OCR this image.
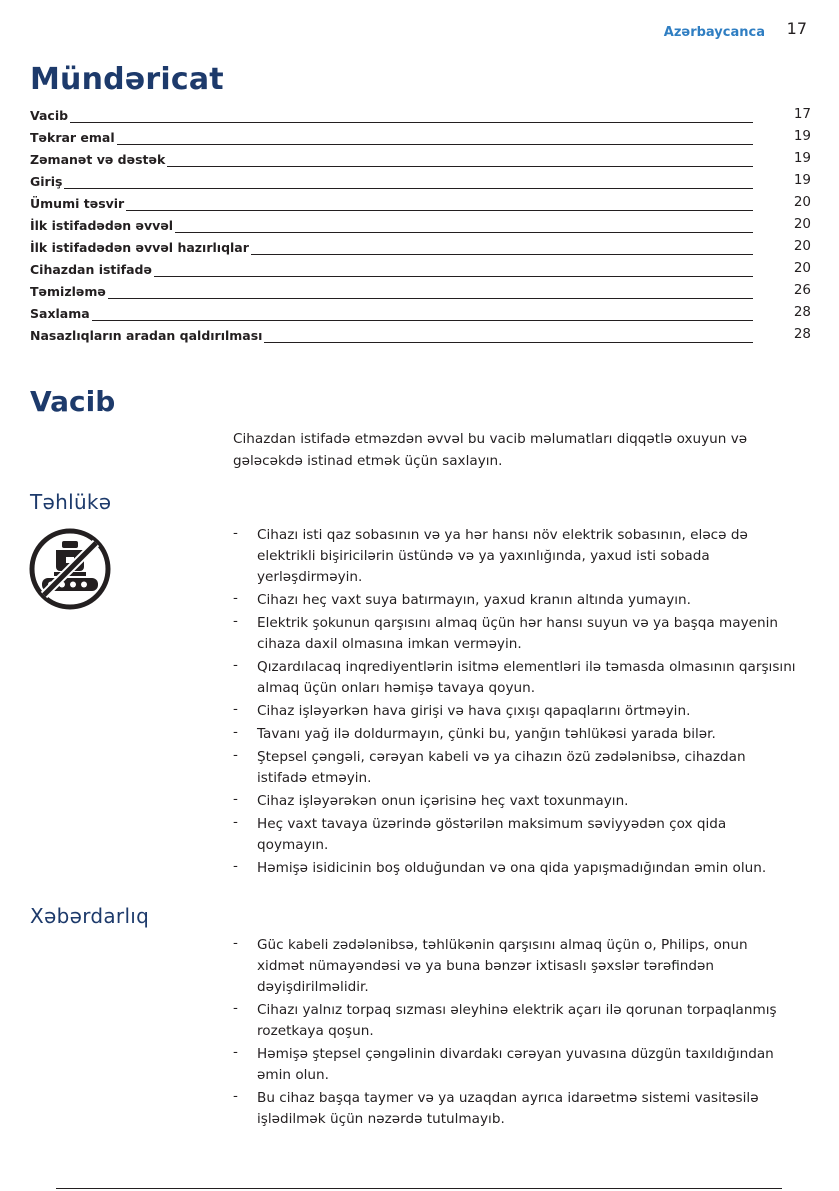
Azərbaycanca 17
Mündəricat
Vacib	17
Təkrar emal	19
Zəmanət və dəstək	19
Giriş	19
Ümumi təsvir	20
İlk istifadədən əvvəl	20
İlk istifadədən əvvəl hazırlıqlar	20
Cihazdan istifadə	20
Təmizləmə	26
Saxlama	28
Nasazlıqların aradan qaldırılması	28
Vacib

Cihazdan istifadə etməzdən əvvəl bu vacib məlumatları diqqətlə oxuyun və gələcəkdə istinad etmək üçün saxlayın.

Təhlükə
- Cihazı isti qaz sobasının və ya hər hansı növ elektrik sobasının, eləcə də elektrikli bişiricilərin üstündə və ya yaxınlığında, yaxud isti sobada yerləşdirməyin.
- Cihazı heç vaxt suya batırmayın, yaxud kranın altında yumayın.
- Elektrik şokunun qarşısını almaq üçün hər hansı suyun və ya başqa mayenin cihaza daxil olmasına imkan verməyin.
- Qızardılacaq inqrediyentlərin isitmə elementləri ilə təmasda olmasının qarşısını almaq üçün onları həmişə tavaya qoyun.
- Cihaz işləyərkən hava girişi və hava çıxışı qapaqlarını örtməyin.
- Tavanı yağ ilə doldurmayın, çünki bu, yanğın təhlükəsi yarada bilər.
- Ştepsel çəngəli, cərəyan kabeli və ya cihazın özü zədələnibsə, cihazdan istifadə etməyin.
- Cihaz işləyərəkən onun içərisinə heç vaxt toxunmayın.
- Heç vaxt tavaya üzərində göstərilən maksimum səviyyədən çox qida qoymayın.
- Həmişə isidicinin boş olduğundan və ona qida yapışmadığından əmin olun.
Xəbərdarlıq
- Güc kabeli zədələnibsə, təhlükənin qarşısını almaq üçün o, Philips, onun xidmət nümayəndəsi və ya buna bənzər ixtisaslı şəxslər tərəfindən dəyişdirilməlidir.
- Cihazı yalnız torpaq sızması əleyhinə elektrik açarı ilə qorunan torpaqlanmış rozetkaya qoşun.
- Həmişə ştepsel çəngəlinin divardakı cərəyan yuvasına düzgün taxıldığından əmin olun.
- Bu cihaz başqa taymer və ya uzaqdan ayrıca idarəetmə sistemi vasitəsilə işlədilmək üçün nəzərdə tutulmayıb.
